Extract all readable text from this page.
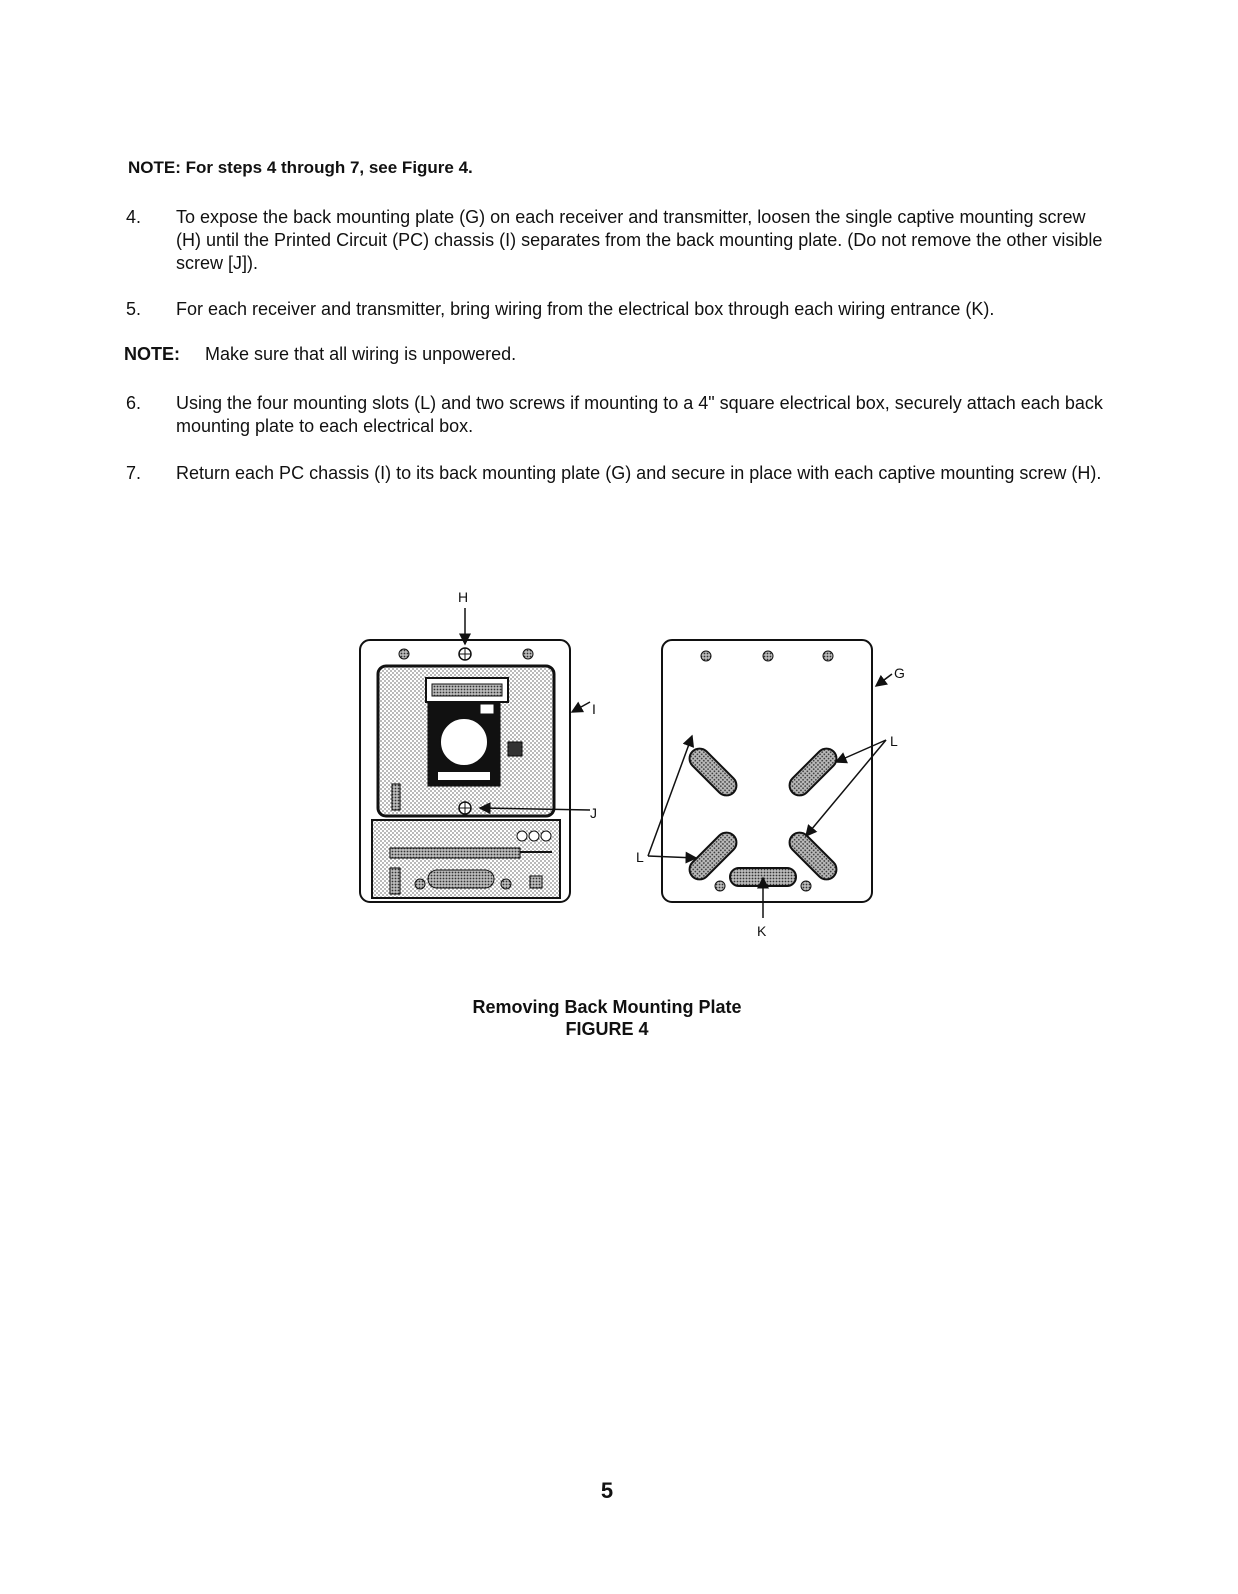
NOTE: For steps 4 through 7, see Figure 4.
4.	To expose the back mounting plate (G) on each receiver and transmitter, loosen the single captive mounting screw (H) until the Printed Circuit (PC) chassis (I) separates from the back mounting plate. (Do not remove the other visible screw [J]).
5.	For each receiver and transmitter, bring wiring from the electrical box through each wiring entrance (K).
NOTE: Make sure that all wiring is unpowered.
6.	Using the four mounting slots (L) and two screws if mounting to a 4" square electrical box, securely attach each back mounting plate to each electrical box.
7.	Return each PC chassis (I) to its back mounting plate (G) and secure in place with each captive mounting screw (H).
H
I
J
G
L
L
K
Removing Back Mounting Plate
FIGURE 4
5
